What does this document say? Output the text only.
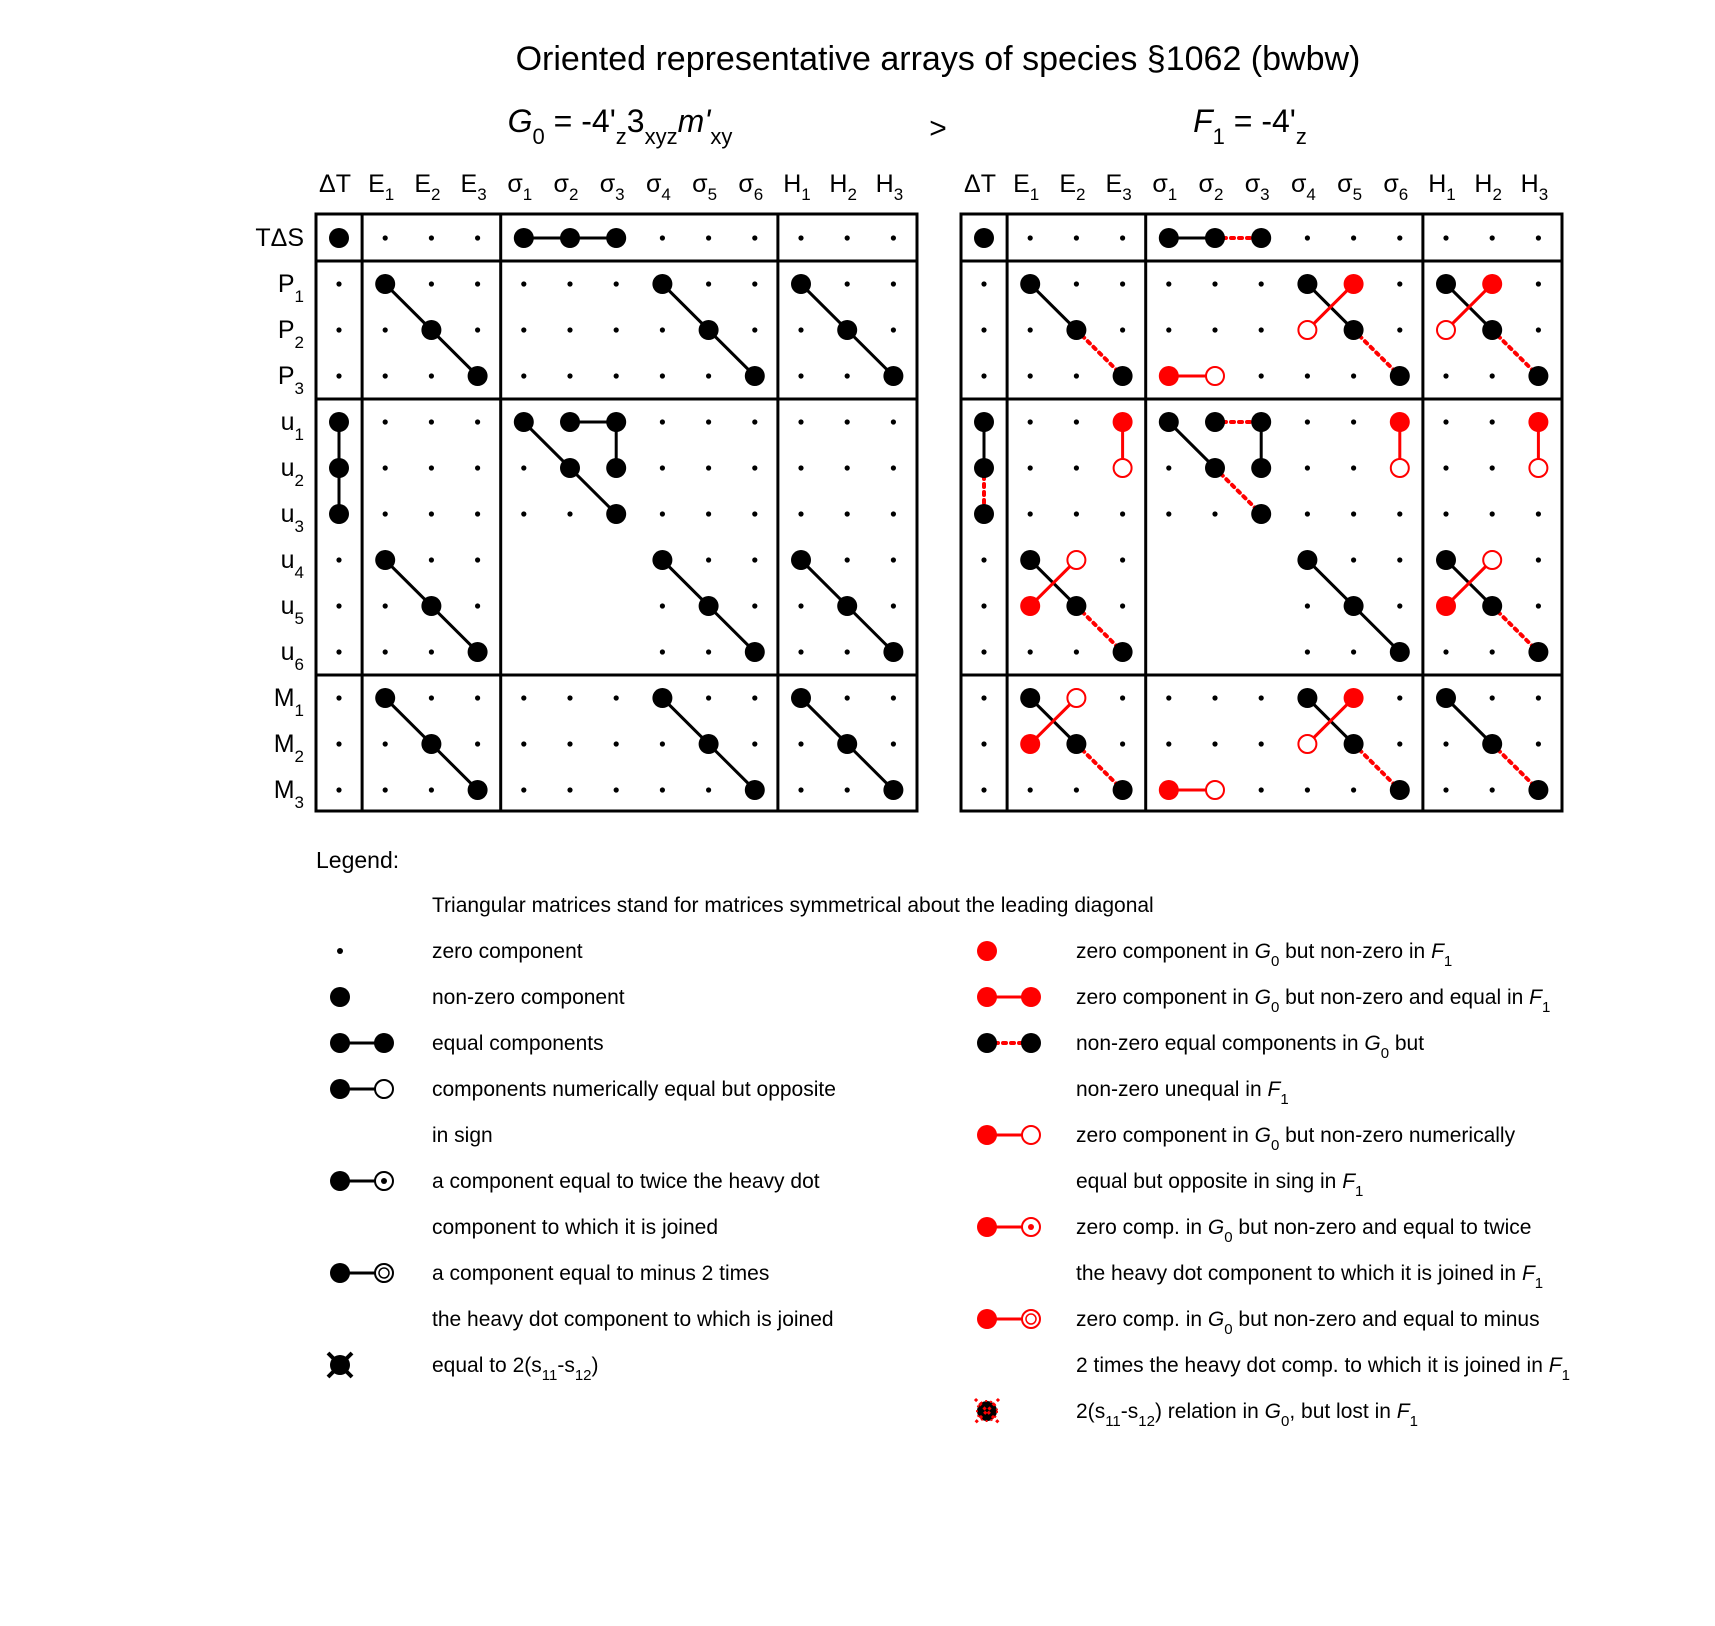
Oriented representative arrays of species §1062 (bwbw)
$G_0 = -4'_z3_{xyz}m'_{xy}$	>	$F_1 = -4'_z$
ΔT $E_1$ $E_2$ $E_3$ $\sigma_1$ $\sigma_2$ $\sigma_3$ $\sigma_4$ $\sigma_5$ $\sigma_6$ $H_1$ $H_2$ $H_3$ ΔT $E_1$ $E_2$ $E_3$ $\sigma_1$ $\sigma_2$ $\sigma_3$ $\sigma_4$ $\sigma_5$ $\sigma_6$ $H_1$ $H_2$ $H_3$
TΔS
$P_1$
$P_2$
$P_3$
$u_1$
$u_2$
$u_3$
$u_4$
$u_5$
$u_6$
$M_1$
$M_2$
$M_3$
Legend:
Triangular matrices stand for matrices symmetrical about the leading diagonal
zero component
non-zero component
equal components
components numerically equal but opposite
in sign
a component equal to twice the heavy dot
component to which it is joined
a component equal to minus 2 times
the heavy dot component to which is joined
equal to $2(s_{11}-s_{12})$
zero component in $G_0$ but non-zero in $F_1$
zero component in $G_0$ but non-zero and equal in $F_1$
non-zero equal components in $G_0$ but
non-zero unequal in $F_1$
zero component in $G_0$ but non-zero numerically
equal but opposite in sing in $F_1$
zero comp. in $G_0$ but non-zero and equal to twice
the heavy dot component to which it is joined in $F_1$
zero comp. in $G_0$ but non-zero and equal to minus
2 times the heavy dot comp. to which it is joined in $F_1$
$2(s_{11}-s_{12})$ relation in $G_0$, but lost in $F_1$
